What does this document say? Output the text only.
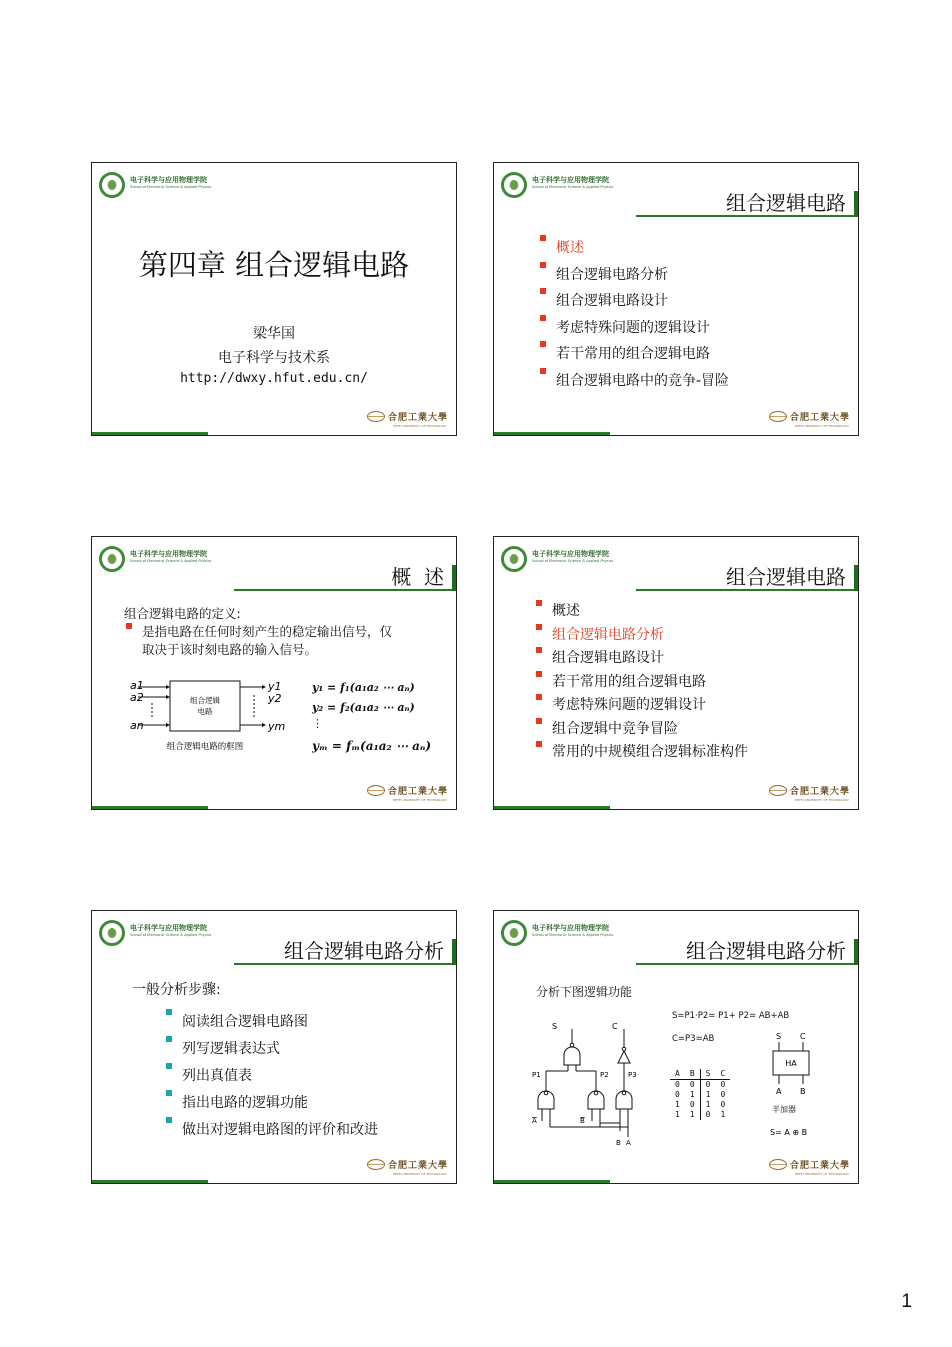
电子科学与应用物理学院
School of Electronic Science & Applied Physics
第四章 组合逻辑电路
梁华国
电子科学与技术系
http://dwxy.hfut.edu.cn/
合肥工業大學
HEFEI UNIVERSITY OF TECHNOLOGY
电子科学与应用物理学院
School of Electronic Science & Applied Physics
组合逻辑电路
概述
组合逻辑电路分析
组合逻辑电路设计
考虑特殊问题的逻辑设计
若干常用的组合逻辑电路
组合逻辑电路中的竞争-冒险
合肥工業大學
HEFEI UNIVERSITY OF TECHNOLOGY
电子科学与应用物理学院
School of Electronic Science & Applied Physics
概  述
组合逻辑电路的定义:
是指电路在任何时刻产生的稳定输出信号，仅
取决于该时刻电路的输入信号。
a1
a2
an
组合逻辑
电路
y1
y2
ym
组合逻辑电路的框图
y₁ = f₁(a₁a₂ ⋯ aₙ)
y₂ = f₂(a₁a₂ ⋯ aₙ)
⋮
yₘ = fₘ(a₁a₂ ⋯ aₙ)
合肥工業大學
HEFEI UNIVERSITY OF TECHNOLOGY
电子科学与应用物理学院
School of Electronic Science & Applied Physics
组合逻辑电路
概述
组合逻辑电路分析
组合逻辑电路设计
若干常用的组合逻辑电路
考虑特殊问题的逻辑设计
组合逻辑中竞争冒险
常用的中规模组合逻辑标准构件
合肥工業大學
HEFEI UNIVERSITY OF TECHNOLOGY
电子科学与应用物理学院
School of Electronic Science & Applied Physics
组合逻辑电路分析
一般分析步骤:
阅读组合逻辑电路图
列写逻辑表达式
列出真值表
指出电路的逻辑功能
做出对逻辑电路图的评价和改进
合肥工業大學
HEFEI UNIVERSITY OF TECHNOLOGY
电子科学与应用物理学院
School of Electronic Science & Applied Physics
组合逻辑电路分析
分析下图逻辑功能
S	C
P1	P2	P3
A	B
B A
S=P1·P2= P1+ P2= AB+AB
C=P3=AB
A	B	S	C
0	0	0	0
0	1	1	0
1	0	1	0
1	1	0	1
S C
HA
A B
半加器
S= A ⊕ B
合肥工業大學
HEFEI UNIVERSITY OF TECHNOLOGY
1
